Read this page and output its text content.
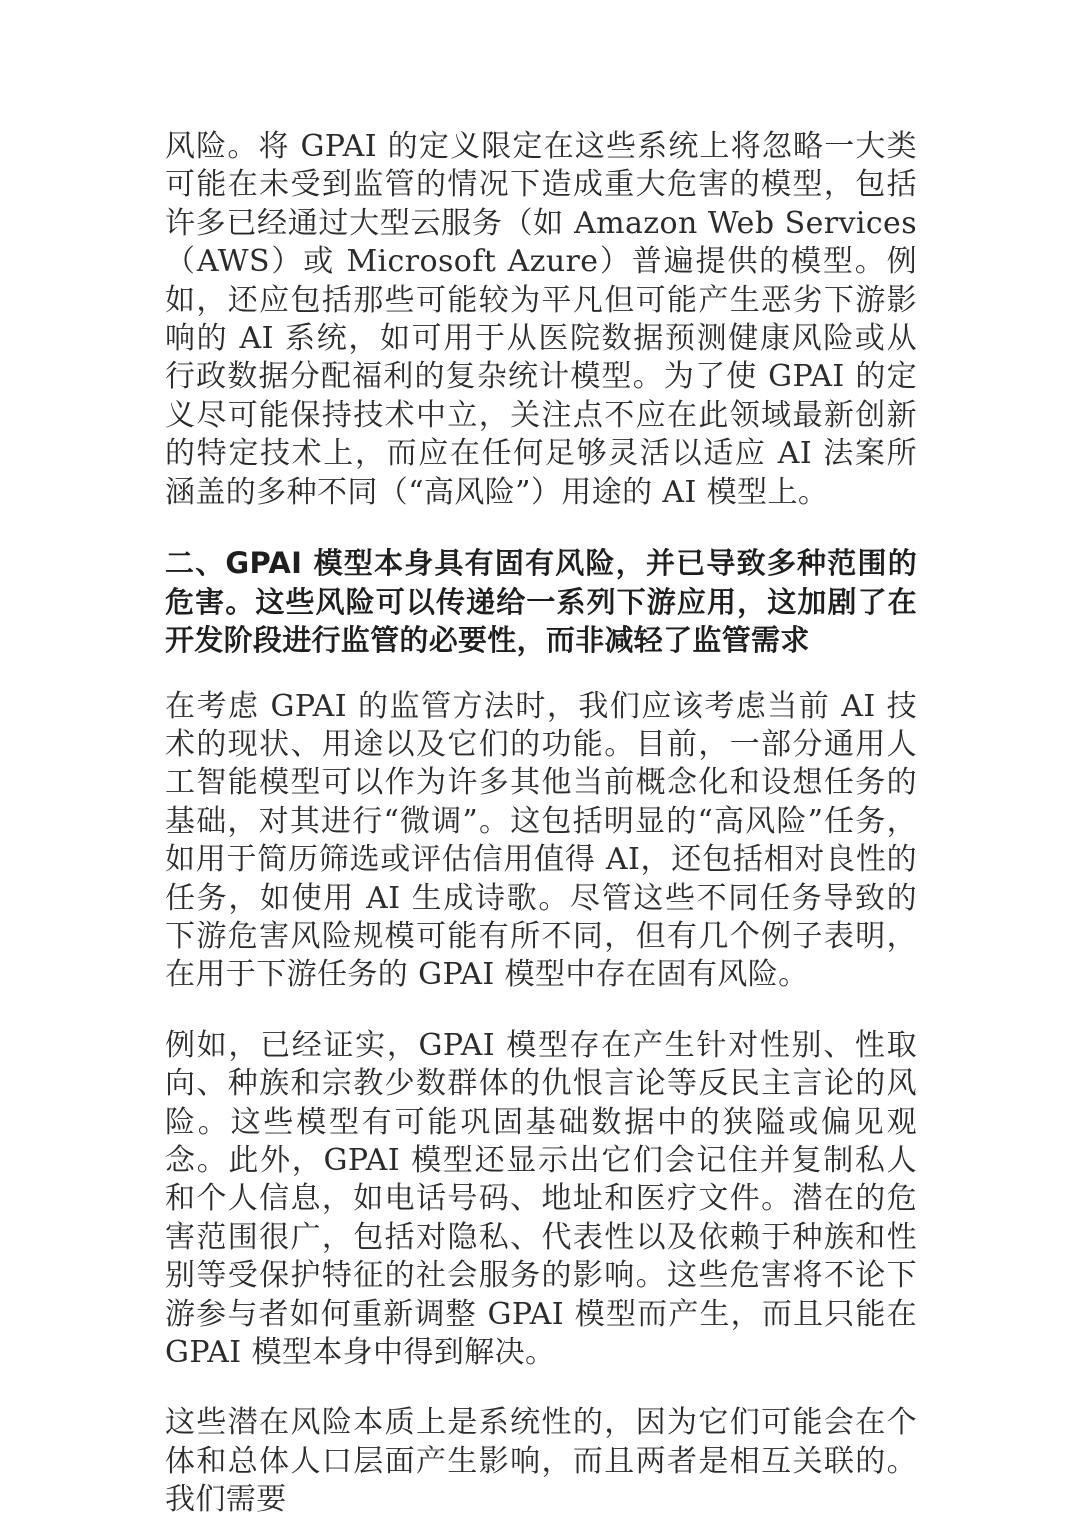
风险。将 GPAI 的定义限定在这些系统上将忽略一大类可能在未受到监管的情况下造成重大危害的模型，包括许多已经通过大型云服务（如 Amazon Web Services（AWS）或 Microsoft Azure）普遍提供的模型。例如，还应包括那些可能较为平凡但可能产生恶劣下游影响的 AI 系统，如可用于从医院数据预测健康风险或从行政数据分配福利的复杂统计模型。为了使 GPAI 的定义尽可能保持技术中立，关注点不应在此领域最新创新的特定技术上，而应在任何足够灵活以适应 AI 法案所涵盖的多种不同（“高风险”）用途的 AI 模型上。

二、GPAI 模型本身具有固有风险，并已导致多种范围的危害。这些风险可以传递给一系列下游应用，这加剧了在开发阶段进行监管的必要性，而非减轻了监管需求

在考虑 GPAI 的监管方法时，我们应该考虑当前 AI 技术的现状、用途以及它们的功能。目前，一部分通用人工智能模型可以作为许多其他当前概念化和设想任务的基础，对其进行“微调”。这包括明显的“高风险”任务，如用于简历筛选或评估信用值得 AI，还包括相对良性的任务，如使用 AI 生成诗歌。尽管这些不同任务导致的下游危害风险规模可能有所不同，但有几个例子表明，在用于下游任务的 GPAI 模型中存在固有风险。

例如，已经证实，GPAI 模型存在产生针对性别、性取向、种族和宗教少数群体的仇恨言论等反民主言论的风险。这些模型有可能巩固基础数据中的狭隘或偏见观念。此外，GPAI 模型还显示出它们会记住并复制私人和个人信息，如电话号码、地址和医疗文件。潜在的危害范围很广，包括对隐私、代表性以及依赖于种族和性别等受保护特征的社会服务的影响。这些危害将不论下游参与者如何重新调整 GPAI 模型而产生，而且只能在 GPAI 模型本身中得到解决。

这些潜在风险本质上是系统性的，因为它们可能会在个体和总体人口层面产生影响，而且两者是相互关联的。我们需要
